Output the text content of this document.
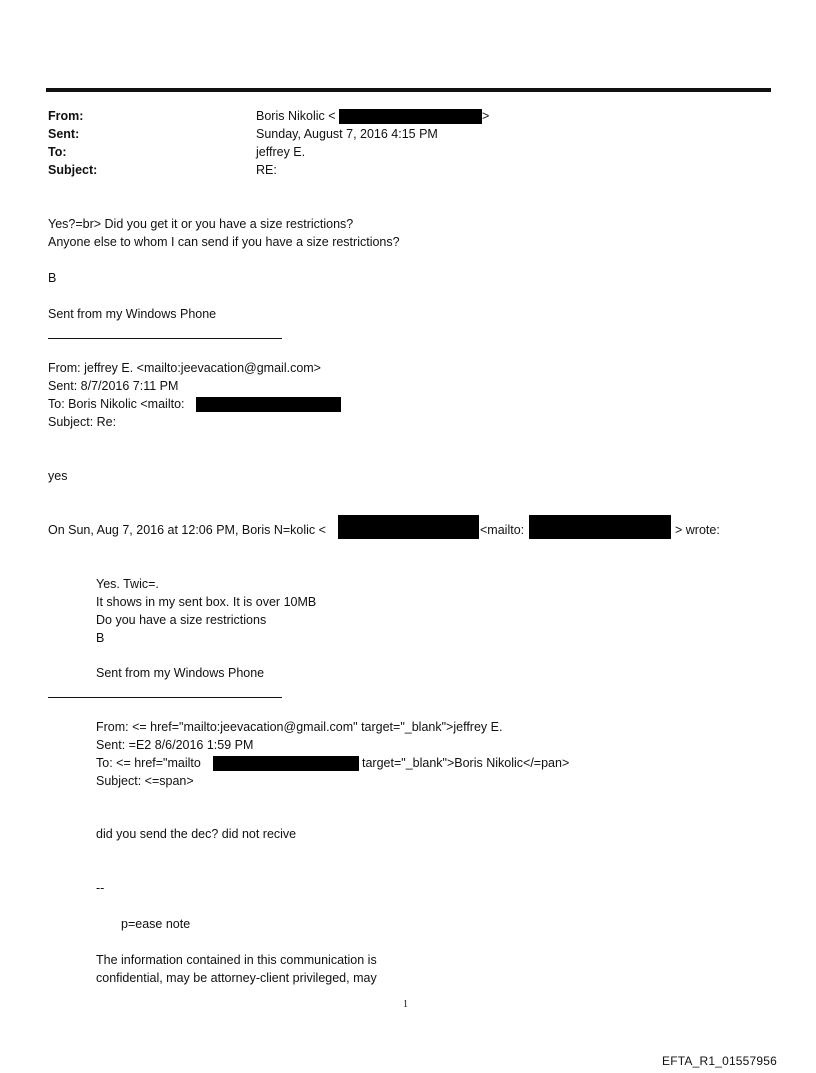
From:	Boris Nikolic <	>
Sent:	Sunday, August 7, 2016 4:15 PM
To:	jeffrey E.
Subject:	RE:
Yes?=br> Did you get it or you have a size restrictions?
Anyone else to whom I can send if you have a size restrictions?
B
Sent from my Windows Phone
From: jeffrey E. <mailto:jeevacation@gmail.com>
Sent: 8/7/2016 7:11 PM
To: Boris Nikolic <mailto:
Subject: Re:
yes
On Sun, Aug 7, 2016 at 12:06 PM, Boris N=kolic <	<mailto:	> wrote:
Yes. Twic=.
It shows in my sent box. It is over 10MB
Do you have a size restrictions
B
Sent from my Windows Phone
From: <= href="mailto:jeevacation@gmail.com" target="_blank">jeffrey E.
Sent: =E2 8/6/2016 1:59 PM
To: <= href="mailto	target="_blank">Boris Nikolic</=pan>
Subject: <=span>
did you send the dec? did not recive
--
p=ease note
The information contained in this communication is
confidential, may be attorney-client privileged, may
1
EFTA_R1_01557956
